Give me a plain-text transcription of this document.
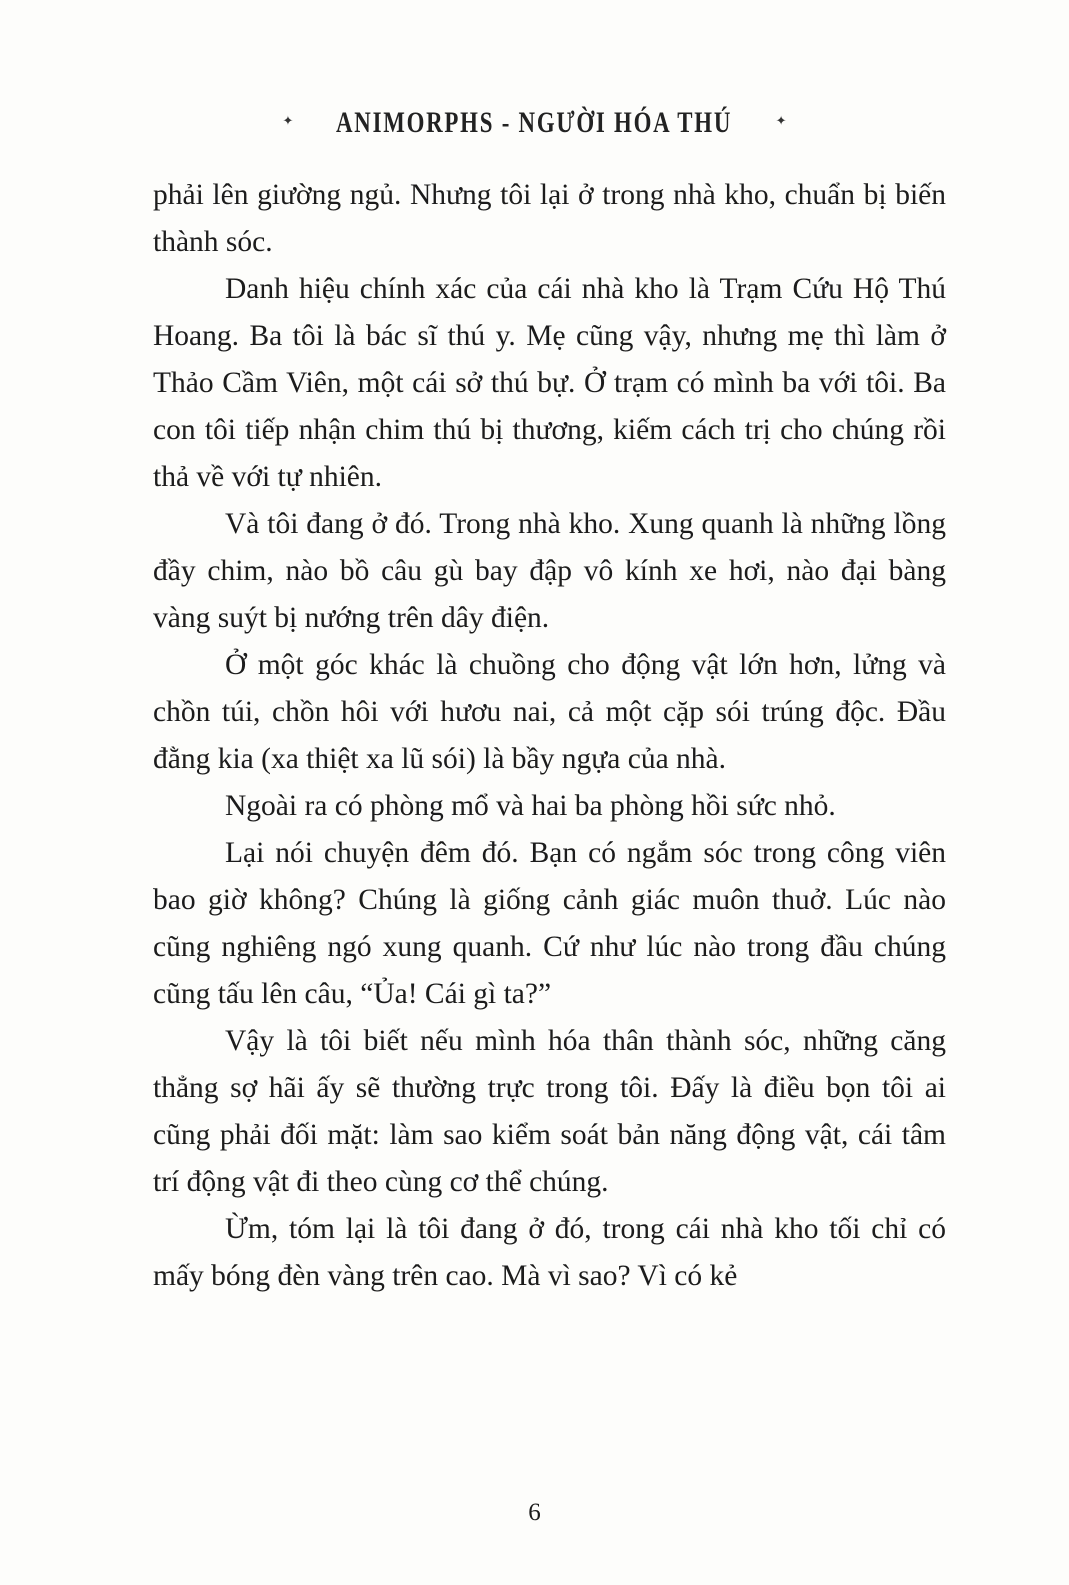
✦ ANIMORPHS - NGƯỜI HÓA THÚ	✦

phải lên giường ngủ. Nhưng tôi lại ở trong nhà kho, chuẩn bị biến thành sóc.

Danh hiệu chính xác của cái nhà kho là Trạm Cứu Hộ Thú Hoang. Ba tôi là bác sĩ thú y. Mẹ cũng vậy, nhưng mẹ thì làm ở Thảo Cầm Viên, một cái sở thú bự. Ở trạm có mình ba với tôi. Ba con tôi tiếp nhận chim thú bị thương, kiếm cách trị cho chúng rồi thả về với tự nhiên.

Và tôi đang ở đó. Trong nhà kho. Xung quanh là những lồng đầy chim, nào bồ câu gù bay đập vô kính xe hơi, nào đại bàng vàng suýt bị nướng trên dây điện.

Ở một góc khác là chuồng cho động vật lớn hơn, lửng và chồn túi, chồn hôi với hươu nai, cả một cặp sói trúng độc. Đầu đằng kia (xa thiệt xa lũ sói) là bầy ngựa của nhà.

Ngoài ra có phòng mổ và hai ba phòng hồi sức nhỏ.

Lại nói chuyện đêm đó. Bạn có ngắm sóc trong công viên bao giờ không? Chúng là giống cảnh giác muôn thuở. Lúc nào cũng nghiêng ngó xung quanh. Cứ như lúc nào trong đầu chúng cũng tấu lên câu, “Ủa! Cái gì ta?”

Vậy là tôi biết nếu mình hóa thân thành sóc, những căng thẳng sợ hãi ấy sẽ thường trực trong tôi. Đấy là điều bọn tôi ai cũng phải đối mặt: làm sao kiểm soát bản năng động vật, cái tâm trí động vật đi theo cùng cơ thể chúng.

Ừm, tóm lại là tôi đang ở đó, trong cái nhà kho tối chỉ có mấy bóng đèn vàng trên cao. Mà vì sao? Vì có kẻ

6
